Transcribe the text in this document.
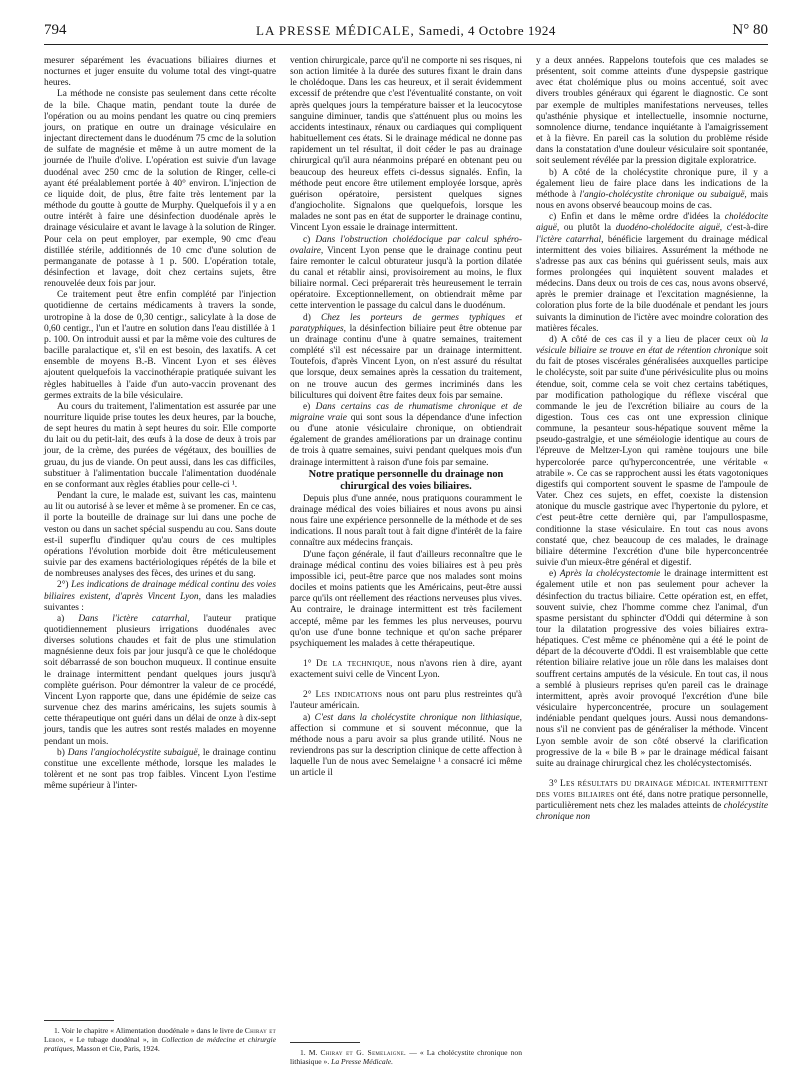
794	LA PRESSE MÉDICALE, Samedi, 4 Octobre 1924	N° 80

mesurer séparément les évacuations biliaires diurnes et nocturnes et juger ensuite du volume total des vingt-quatre heures.

La méthode ne consiste pas seulement dans cette récolte de la bile. Chaque matin, pendant toute la durée de l'opération ou au moins pendant les quatre ou cinq premiers jours, on pratique en outre un drainage vésiculaire en injectant directement dans le duodénum 75 cmc de la solution de sulfate de magnésie et même à un autre moment de la journée de l'huile d'olive. L'opération est suivie d'un lavage duodénal avec 250 cmc de la solution de Ringer, celle-ci ayant été préalablement portée à 40° environ. L'injection de ce liquide doit, de plus, être faite très lentement par la méthode du goutte à goutte de Murphy. Quelquefois il y a en outre intérêt à faire une désinfection duodénale après le drainage vésiculaire et avant le lavage à la solution de Ringer. Pour cela on peut employer, par exemple, 90 cmc d'eau distillée stérile, additionnés de 10 cmc d'une solution de permanganate de potasse à 1 p. 500. L'opération totale, désinfection et lavage, doit chez certains sujets, être renouvelée deux fois par jour.

Ce traitement peut être enfin complété par l'injection quotidienne de certains médicaments à travers la sonde, urotropine à la dose de 0,30 centigr., salicylate à la dose de 0,60 centigr., l'un et l'autre en solution dans l'eau distillée à 1 p. 100. On introduit aussi et par la même voie des cultures de bacille paralactique et, s'il en est besoin, des laxatifs. A cet ensemble de moyens B.-B. Vincent Lyon et ses élèves ajoutent quelquefois la vaccinothérapie pratiquée suivant les règles habituelles à l'aide d'un auto-vaccin provenant des germes extraits de la bile vésiculaire.

Au cours du traitement, l'alimentation est assurée par une nourriture liquide prise toutes les deux heures, par la bouche, de sept heures du matin à sept heures du soir. Elle comporte du lait ou du petit-lait, des œufs à la dose de deux à trois par jour, de la crème, des purées de végétaux, des bouillies de gruau, du jus de viande. On peut aussi, dans les cas difficiles, substituer à l'alimentation buccale l'alimentation duodénale en se conformant aux règles établies pour celle-ci ¹.

Pendant la cure, le malade est, suivant les cas, maintenu au lit ou autorisé à se lever et même à se promener. En ce cas, il porte la bouteille de drainage sur lui dans une poche de veston ou dans un sachet spécial suspendu au cou. Sans doute est-il superflu d'indiquer qu'au cours de ces multiples opérations l'évolution morbide doit être méticuleusement suivie par des examens bactériologiques répétés de la bile et de nombreuses analyses des fèces, des urines et du sang.

2°) Les indications de drainage médical continu des voies biliaires existent, d'après Vincent Lyon, dans les maladies suivantes :

a) Dans l'ictère catarrhal, l'auteur pratique quotidiennement plusieurs irrigations duodénales avec diverses solutions chaudes et fait de plus une stimulation magnésienne deux fois par jour jusqu'à ce que le cholédoque soit débarrassé de son bouchon muqueux. Il continue ensuite le drainage intermittent pendant quelques jours jusqu'à complète guérison. Pour démontrer la valeur de ce procédé, Vincent Lyon rapporte que, dans une épidémie de seize cas survenue chez des marins américains, les sujets soumis à cette thérapeutique ont guéri dans un délai de onze à dix-sept jours, tandis que les autres sont restés malades en moyenne pendant un mois.

b) Dans l'angiocholécystite subaiguë, le drainage continu constitue une excellente méthode, lorsque les malades le tolèrent et ne sont pas trop faibles. Vincent Lyon l'estime même supérieur à l'inter-

vention chirurgicale, parce qu'il ne comporte ni ses risques, ni son action limitée à la durée des sutures fixant le drain dans le cholédoque. Dans les cas heureux, et il serait évidemment excessif de prétendre que c'est l'éventualité constante, on voit après quelques jours la température baisser et la leucocytose sanguine diminuer, tandis que s'atténuent plus ou moins les accidents intestinaux, rénaux ou cardiaques qui compliquent habituellement ces états. Si le drainage médical ne donne pas rapidement un tel résultat, il doit céder le pas au drainage chirurgical qu'il aura néanmoins préparé en obtenant peu ou beaucoup des heureux effets ci-dessus signalés. Enfin, la méthode peut encore être utilement employée lorsque, après guérison opératoire, persistent quelques signes d'angiocholite. Signalons que quelquefois, lorsque les malades ne sont pas en état de supporter le drainage continu, Vincent Lyon essaie le drainage intermittent.

c) Dans l'obstruction cholédocique par calcul sphéro-ovalaire, Vincent Lyon pense que le drainage continu peut faire remonter le calcul obturateur jusqu'à la portion dilatée du canal et rétablir ainsi, provisoirement au moins, le flux biliaire normal. Ceci préparerait très heureusement le terrain opératoire. Exceptionnellement, on obtiendrait même par cette intervention le passage du calcul dans le duodénum.

d) Chez les porteurs de germes typhiques et paratyphiques, la désinfection biliaire peut être obtenue par un drainage continu d'une à quatre semaines, traitement complété s'il est nécessaire par un drainage intermittent. Toutefois, d'après Vincent Lyon, on n'est assuré du résultat que lorsque, deux semaines après la cessation du traitement, on ne trouve aucun des germes incriminés dans les bilicultures qui doivent être faites deux fois par semaine.

e) Dans certains cas de rhumatisme chronique et de migraine vraie qui sont sous la dépendance d'une infection ou d'une atonie vésiculaire chronique, on obtiendrait également de grandes améliorations par un drainage continu de trois à quatre semaines, suivi pendant quelques mois d'un drainage intermittent à raison d'une fois par semaine.

Notre pratique personnelle du drainage non chirurgical des voies biliaires.

Depuis plus d'une année, nous pratiquons couramment le drainage médical des voies biliaires et nous avons pu ainsi nous faire une expérience personnelle de la méthode et de ses indications. Il nous paraît tout à fait digne d'intérêt de la faire connaître aux médecins français.

D'une façon générale, il faut d'ailleurs reconnaître que le drainage médical continu des voies biliaires est à peu près impossible ici, peut-être parce que nos malades sont moins dociles et moins patients que les Américains, peut-être aussi parce qu'ils ont réellement des réactions nerveuses plus vives. Au contraire, le drainage intermittent est très facilement accepté, même par les femmes les plus nerveuses, pourvu qu'on use d'une bonne technique et qu'on sache préparer psychiquement les malades à cette thérapeutique.

1° De la technique, nous n'avons rien à dire, ayant exactement suivi celle de Vincent Lyon.

2° Les indications nous ont paru plus restreintes qu'à l'auteur américain.

a) C'est dans la cholécystite chronique non lithiasique, affection si commune et si souvent méconnue, que la méthode nous a paru avoir sa plus grande utilité. Nous ne reviendrons pas sur la description clinique de cette affection à laquelle l'un de nous avec Semelaigne ¹ a consacré ici même un article il

y a deux années. Rappelons toutefois que ces malades se présentent, soit comme atteints d'une dyspepsie gastrique avec état cholémique plus ou moins accentué, soit avec divers troubles généraux qui égarent le diagnostic. Ce sont par exemple de multiples manifestations nerveuses, telles qu'asthénie physique et intellectuelle, insomnie nocturne, somnolence diurne, tendance inquiétante à l'amaigrissement et à la fièvre. En pareil cas la solution du problème réside dans la constatation d'une douleur vésiculaire soit spontanée, soit seulement révélée par la pression digitale exploratrice.

b) A côté de la cholécystite chronique pure, il y a également lieu de faire place dans les indications de la méthode à l'angio-cholécystite chronique ou subaiguë, mais nous en avons observé beaucoup moins de cas.

c) Enfin et dans le même ordre d'idées la cholédocite aiguë, ou plutôt la duodéno-cholédocite aiguë, c'est-à-dire l'ictère catarrhal, bénéficie largement du drainage médical intermittent des voies biliaires. Assurément la méthode ne s'adresse pas aux cas bénins qui guérissent seuls, mais aux formes prolongées qui inquiètent souvent malades et médecins. Dans deux ou trois de ces cas, nous avons observé, après le premier drainage et l'excitation magnésienne, la coloration plus forte de la bile duodénale et pendant les jours suivants la diminution de l'ictère avec moindre coloration des matières fécales.

d) A côté de ces cas il y a lieu de placer ceux où la vésicule biliaire se trouve en état de rétention chronique soit du fait de ptoses viscérales généralisées auxquelles participe le cholécyste, soit par suite d'une périvésiculite plus ou moins étendue, soit, comme cela se voit chez certains tabétiques, par modification pathologique du réflexe viscéral que commande le jeu de l'excrétion biliaire au cours de la digestion. Tous ces cas ont une expression clinique commune, la pesanteur sous-hépatique souvent même la pseudo-gastralgie, et une séméiologie identique au cours de l'épreuve de Meltzer-Lyon qui ramène toujours une bile hypercolorée parce qu'hyperconcentrée, une véritable « atrabile ». Ce cas se rapprochent aussi les états vagotoniques digestifs qui comportent souvent le spasme de l'ampoule de Vater. Chez ces sujets, en effet, coexiste la distension atonique du muscle gastrique avec l'hypertonie du pylore, et c'est peut-être cette dernière qui, par l'ampullospasme, conditionne la stase vésiculaire. En tout cas nous avons constaté que, chez beaucoup de ces malades, le drainage biliaire détermine l'excrétion d'une bile hyperconcentrée suivie d'un mieux-être général et digestif.

e) Après la cholécystectomie le drainage intermittent est également utile et non pas seulement pour achever la désinfection du tractus biliaire. Cette opération est, en effet, souvent suivie, chez l'homme comme chez l'animal, d'un spasme persistant du sphincter d'Oddi qui détermine à son tour la dilatation progressive des voies biliaires extra-hépatiques. C'est même ce phénomène qui a été le point de départ de la découverte d'Oddi. Il est vraisemblable que cette rétention biliaire relative joue un rôle dans les malaises dont souffrent certains amputés de la vésicule. En tout cas, il nous a semblé à plusieurs reprises qu'en pareil cas le drainage intermittent, après avoir provoqué l'excrétion d'une bile vésiculaire hyperconcentrée, procure un soulagement indéniable pendant quelques jours. Aussi nous demandons-nous s'il ne convient pas de généraliser la méthode. Vincent Lyon semble avoir de son côté observé la clarification progressive de la « bile B » par le drainage médical faisant suite au drainage chirurgical chez les cholécystectomisés.

3° Les résultats du drainage médical intermittent des voies biliaires ont été, dans notre pratique personnelle, particulièrement nets chez les malades atteints de cholécystite chronique non

1. Voir le chapitre « Alimentation duodénale » dans le livre de Chiray et Lebon, « Le tubage duodénal », in Collection de médecine et chirurgie pratiques, Masson et Cie, Paris, 1924.	1. M. Chiray et G. Semelaigne. — « La cholécystite chronique non lithiasique ». La Presse Médicale.
